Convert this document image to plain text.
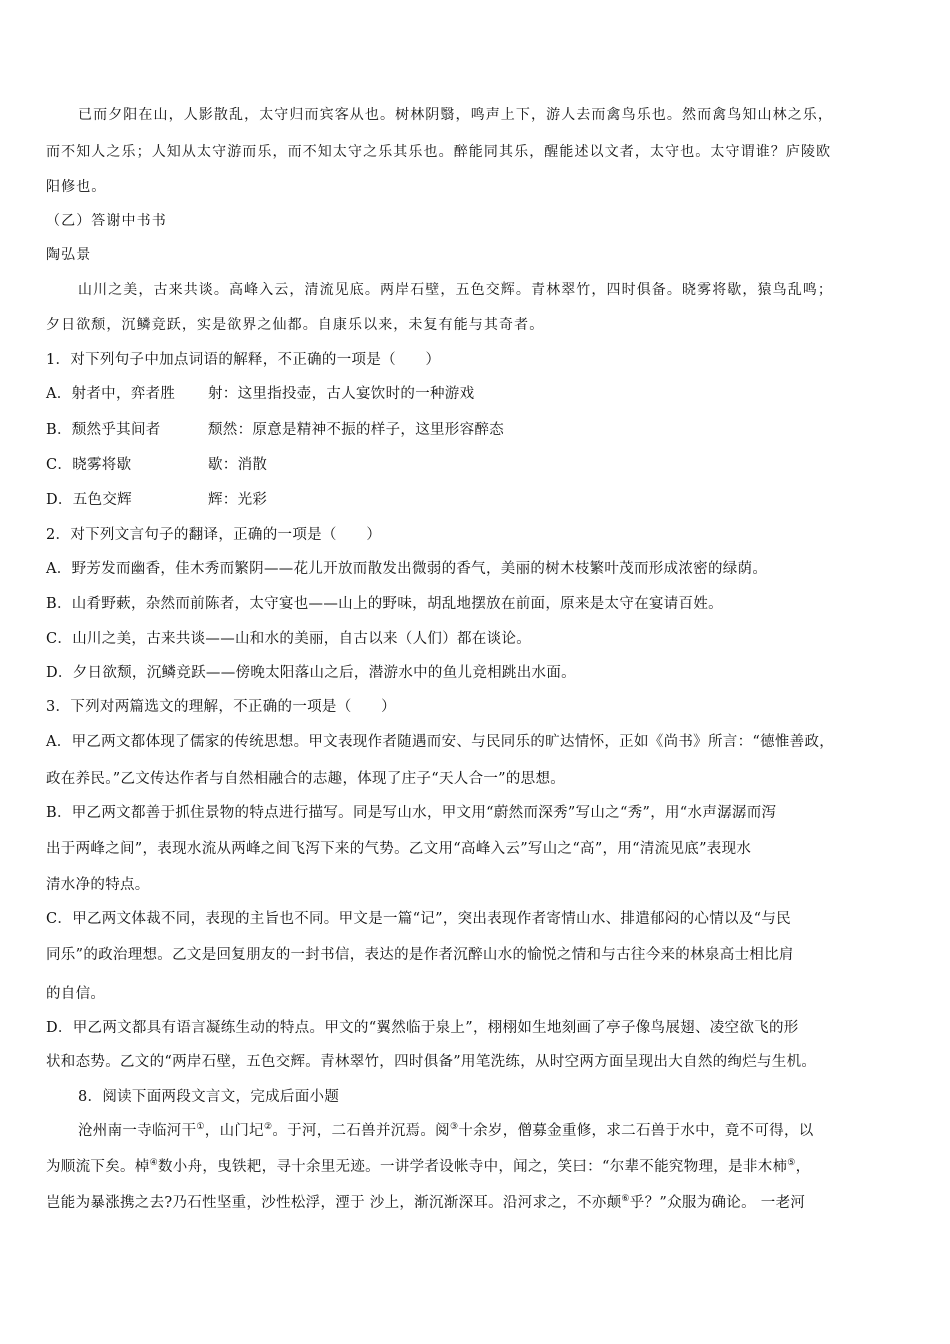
已而夕阳在山，人影散乱，太守归而宾客从也。树林阴翳，鸣声上下，游人去而禽鸟乐也。然而禽鸟知山林之乐，
而不知人之乐；人知从太守游而乐，而不知太守之乐其乐也。醉能同其乐，醒能述以文者，太守也。太守谓谁？庐陵欧
阳修也。
（乙）答谢中书书
陶弘景
山川之美，古来共谈。高峰入云，清流见底。两岸石壁，五色交辉。青林翠竹，四时俱备。晓雾将歇，猿鸟乱鸣；
夕日欲颓，沉鳞竞跃，实是欲界之仙都。自康乐以来，未复有能与其奇者。
1．对下列句子中加点词语的解释，不正确的一项是（　　）
A．射者中，弈者胜 射：这里指投壶，古人宴饮时的一种游戏
B．颓然乎其间者	颓然：原意是精神不振的样子，这里形容醉态
C．晓雾将歇	歇：消散
D．五色交辉	辉：光彩
2．对下列文言句子的翻译，正确的一项是（　　）
A．野芳发而幽香，佳木秀而繁阴——花儿开放而散发出微弱的香气，美丽的树木枝繁叶茂而形成浓密的绿荫。
B．山肴野蔌，杂然而前陈者，太守宴也——山上的野味，胡乱地摆放在前面，原来是太守在宴请百姓。
C．山川之美，古来共谈——山和水的美丽，自古以来（人们）都在谈论。
D．夕日欲颓，沉鳞竞跃——傍晚太阳落山之后，潜游水中的鱼儿竞相跳出水面。
3．下列对两篇选文的理解，不正确的一项是（　　）
A．甲乙两文都体现了儒家的传统思想。甲文表现作者随遇而安、与民同乐的旷达情怀，正如《尚书》所言：“德惟善政，
政在养民。”乙文传达作者与自然相融合的志趣，体现了庄子“天人合一”的思想。
B．甲乙两文都善于抓住景物的特点进行描写。同是写山水，甲文用“蔚然而深秀”写山之“秀”，用“水声潺潺而泻
出于两峰之间”，表现水流从两峰之间飞泻下来的气势。乙文用“高峰入云”写山之“高”，用“清流见底”表现水
清水净的特点。
C．甲乙两文体裁不同，表现的主旨也不同。甲文是一篇“记”，突出表现作者寄情山水、排遣郁闷的心情以及“与民
同乐”的政治理想。乙文是回复朋友的一封书信，表达的是作者沉醉山水的愉悦之情和与古往今来的林泉高士相比肩
的自信。
D．甲乙两文都具有语言凝练生动的特点。甲文的“翼然临于泉上”，栩栩如生地刻画了亭子像鸟展翅、凌空欲飞的形
状和态势。乙文的“两岸石壁，五色交辉。青林翠竹，四时俱备”用笔洗练，从时空两方面呈现出大自然的绚烂与生机。
8．阅读下面两段文言文，完成后面小题
沧州南一寺临河干①，山门圮②。于河，二石兽并沉焉。阅③十余岁，僧募金重修，求二石兽于水中，竟不可得，以
为顺流下矣。棹④数小舟，曳铁耙，寻十余里无迹。一讲学者设帐寺中，闻之，笑曰：“尔辈不能究物理，是非木柿⑤，
岂能为暴涨携之去?乃石性坚重，沙性松浮，湮于 沙上，渐沉渐深耳。沿河求之，不亦颠⑥乎？”众服为确论。 一老河
